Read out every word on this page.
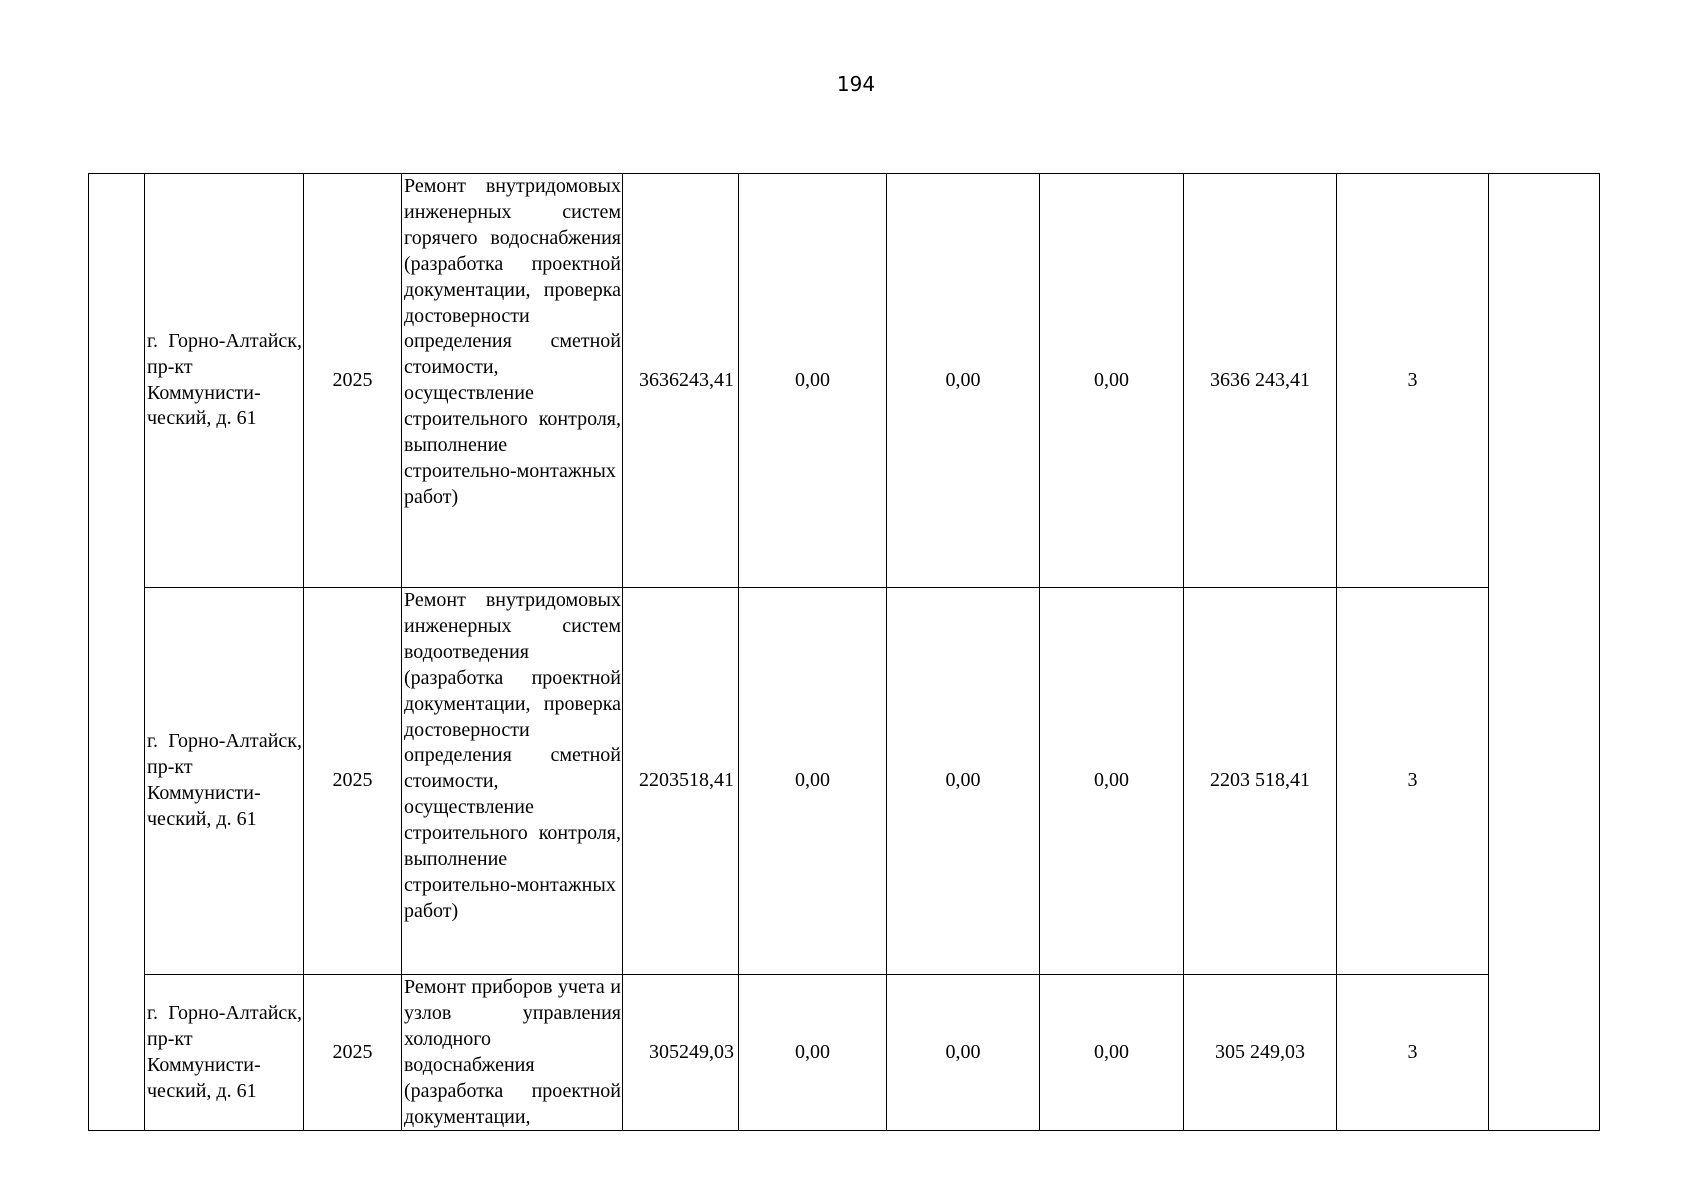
194
	г. Горно-Алтайск, пр-кт Коммунисти-ческий, д. 61	2025	Ремонт внутридомовых инженерных систем горячего водоснабжения (разработка проектной документации, проверка достоверности определения сметной стоимости, осуществление строительного контроля, выполнение строительно-монтажных работ)	3636243,41	0,00	0,00	0,00	3636 243,41	3	
	г. Горно-Алтайск, пр-кт Коммунисти-ческий, д. 61	2025	Ремонт внутридомовых инженерных систем водоотведения (разработка проектной документации, проверка достоверности определения сметной стоимости, осуществление строительного контроля, выполнение строительно-монтажных работ)	2203518,41	0,00	0,00	0,00	2203 518,41	3	
	г. Горно-Алтайск, пр-кт Коммунисти-ческий, д. 61	2025	Ремонт приборов учета и узлов управления холодного водоснабжения (разработка проектной документации,	305249,03	0,00	0,00	0,00	305 249,03	3	
